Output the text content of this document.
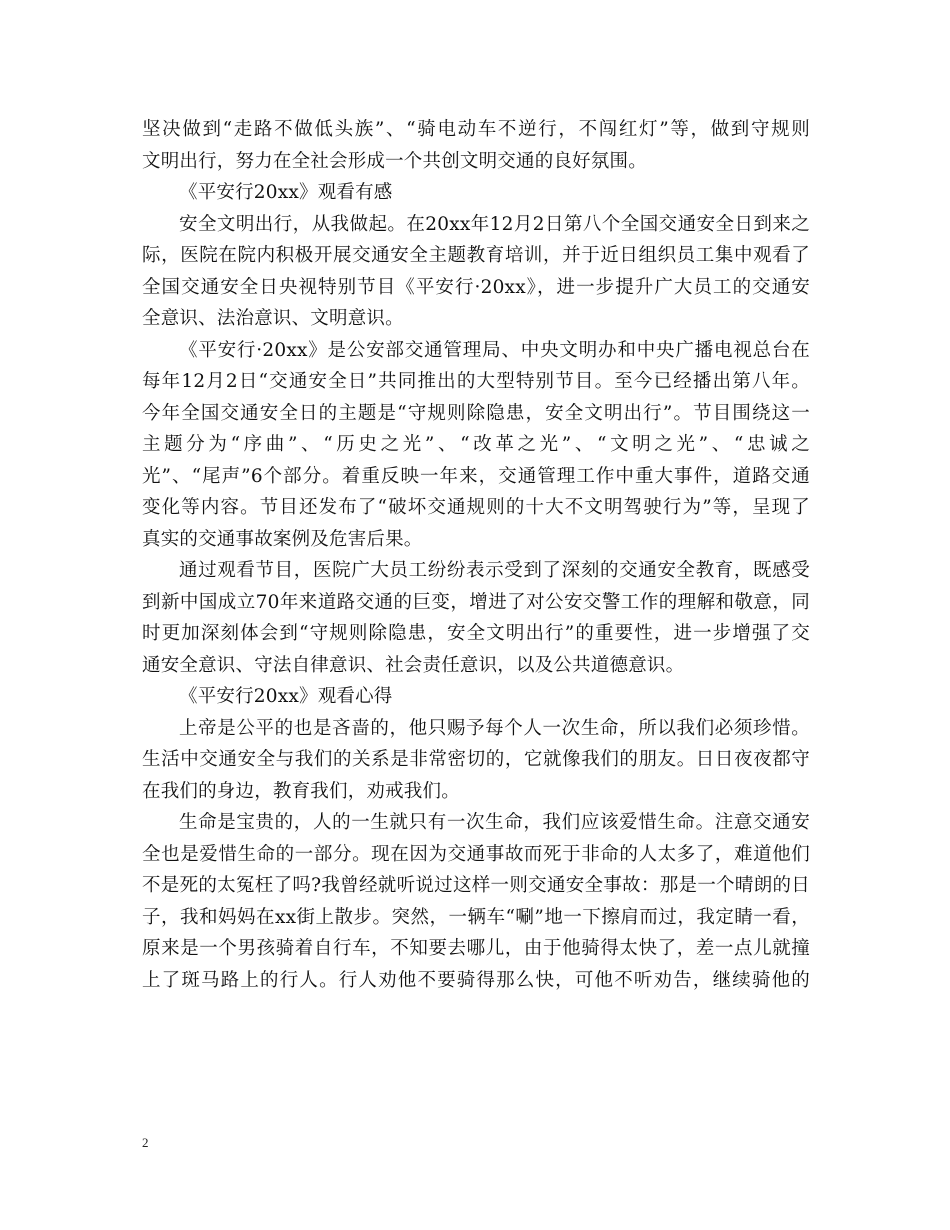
坚决做到“走路不做低头族”、“骑电动车不逆行，不闯红灯”等，做到守规则
文明出行，努力在全社会形成一个共创文明交通的良好氛围。
《平安行20xx》观看有感
安全文明出行，从我做起。在20xx年12月2日第八个全国交通安全日到来之
际，医院在院内积极开展交通安全主题教育培训，并于近日组织员工集中观看了
全国交通安全日央视特别节目《平安行·20xx》，进一步提升广大员工的交通安
全意识、法治意识、文明意识。
《平安行·20xx》是公安部交通管理局、中央文明办和中央广播电视总台在
每年12月2日“交通安全日”共同推出的大型特别节目。至今已经播出第八年。
今年全国交通安全日的主题是“守规则除隐患，安全文明出行”。节目围绕这一
主题分为“序曲”、“历史之光”、“改革之光”、“文明之光”、“忠诚之
光”、“尾声”6个部分。着重反映一年来，交通管理工作中重大事件，道路交通
变化等内容。节目还发布了“破坏交通规则的十大不文明驾驶行为”等，呈现了
真实的交通事故案例及危害后果。
通过观看节目，医院广大员工纷纷表示受到了深刻的交通安全教育，既感受
到新中国成立70年来道路交通的巨变，增进了对公安交警工作的理解和敬意，同
时更加深刻体会到“守规则除隐患，安全文明出行”的重要性，进一步增强了交
通安全意识、守法自律意识、社会责任意识，以及公共道德意识。
《平安行20xx》观看心得
上帝是公平的也是吝啬的，他只赐予每个人一次生命，所以我们必须珍惜。
生活中交通安全与我们的关系是非常密切的，它就像我们的朋友。日日夜夜都守
在我们的身边，教育我们，劝戒我们。
生命是宝贵的，人的一生就只有一次生命，我们应该爱惜生命。注意交通安
全也是爱惜生命的一部分。现在因为交通事故而死于非命的人太多了，难道他们
不是死的太冤枉了吗?我曾经就听说过这样一则交通安全事故：那是一个晴朗的日
子，我和妈妈在xx街上散步。突然，一辆车“唰”地一下擦肩而过，我定睛一看，
原来是一个男孩骑着自行车，不知要去哪儿，由于他骑得太快了，差一点儿就撞
上了斑马路上的行人。行人劝他不要骑得那么快，可他不听劝告，继续骑他的
2
